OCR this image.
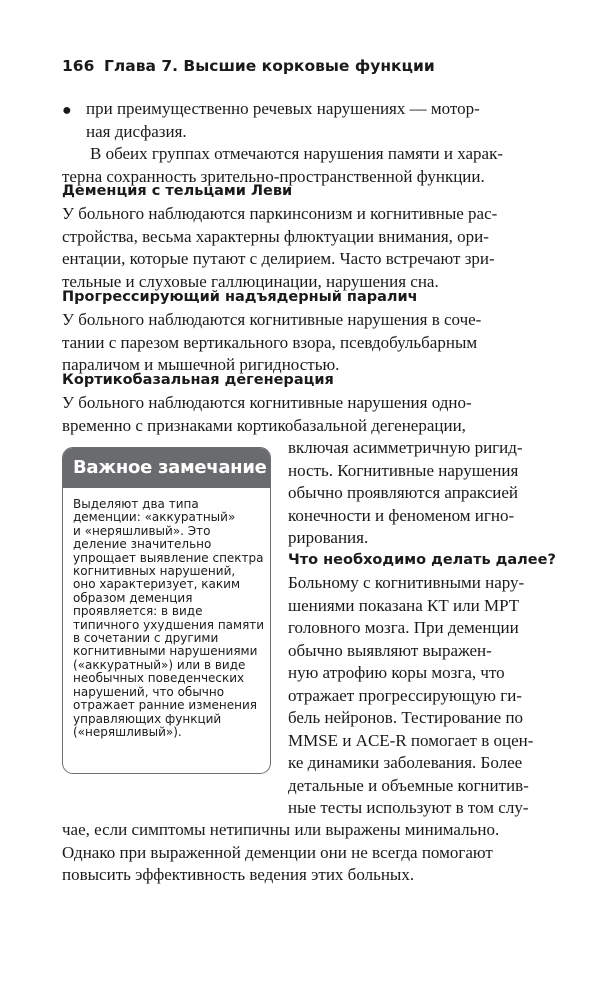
166 Глава 7. Высшие корковые функции
● при преимущественно речевых нарушениях — мотор-
ная дисфазия.
В обеих группах отмечаются нарушения памяти и харак-
терна сохранность зрительно-пространственной функции.
Деменция с тельцами Леви
У больного наблюдаются паркинсонизм и когнитивные рас-
стройства, весьма характерны флюктуации внимания, ори-
ентации, которые путают с делирием. Часто встречают зри-
тельные и слуховые галлюцинации, нарушения сна.
Прогрессирующий надъядерный паралич
У больного наблюдаются когнитивные нарушения в соче-
тании с парезом вертикального взора, псевдобульбарным
параличом и мышечной ригидностью.
Кортикобазальная дегенерация
У больного наблюдаются когнитивные нарушения одно-
временно с признаками кортикобазальной дегенерации,
Важное замечание
Выделяют два типа
деменции: «аккуратный»
и «неряшливый». Это
деление значительно
упрощает выявление спектра
когнитивных нарушений,
оно характеризует, каким
образом деменция
проявляется: в виде
типичного ухудшения памяти
в сочетании с другими
когнитивными нарушениями
(«аккуратный») или в виде
необычных поведенческих
нарушений, что обычно
отражает ранние изменения
управляющих функций
(«неряшливый»).
включая асимметричную ригид-
ность. Когнитивные нарушения
обычно проявляются апраксией
конечности и феноменом игно-
рирования.
Что необходимо делать далее?
Больному с когнитивными нару-
шениями показана КТ или МРТ
головного мозга. При деменции
обычно выявляют выражен-
ную атрофию коры мозга, что
отражает прогрессирующую ги-
бель нейронов. Тестирование по
MMSE и ACE-R помогает в оцен-
ке динамики заболевания. Более
детальные и объемные когнитив-
ные тесты используют в том слу-
чае, если симптомы нетипичны или выражены минимально.
Однако при выраженной деменции они не всегда помогают
повысить эффективность ведения этих больных.
